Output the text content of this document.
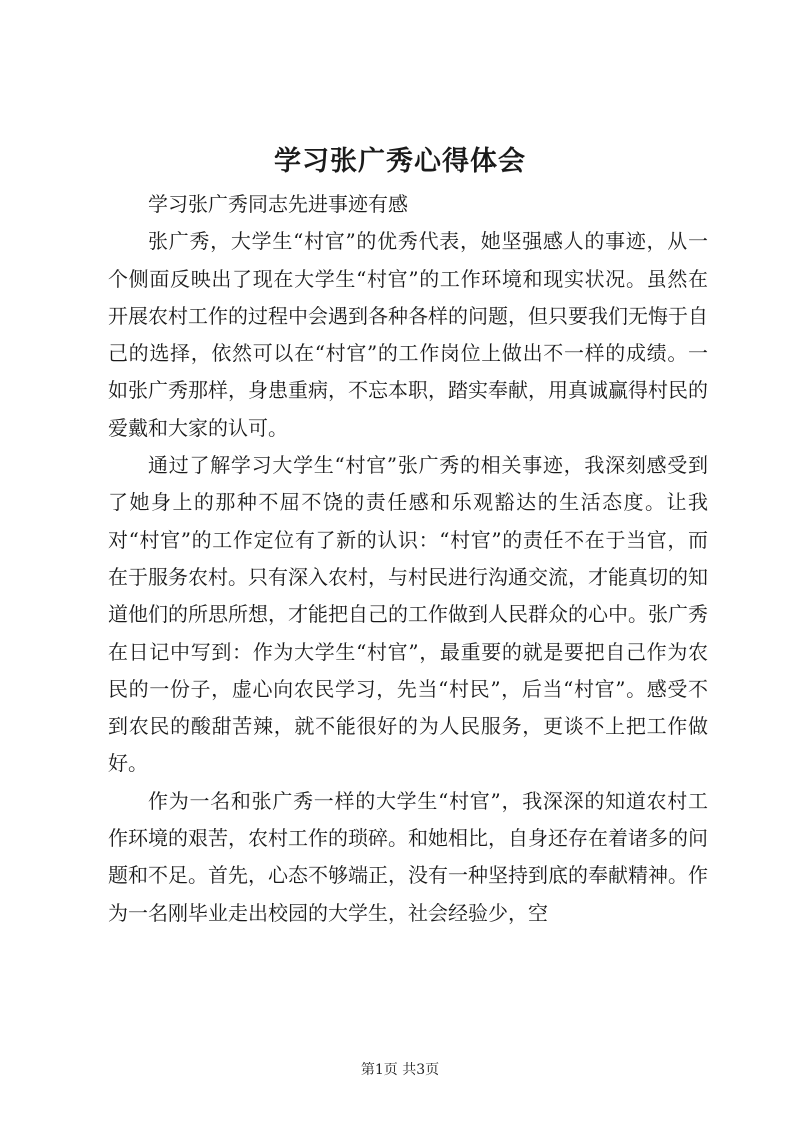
学习张广秀心得体会

学习张广秀同志先进事迹有感

张广秀，大学生“村官”的优秀代表，她坚强感人的事迹，从一个侧面反映出了现在大学生“村官”的工作环境和现实状况。虽然在开展农村工作的过程中会遇到各种各样的问题，但只要我们无悔于自己的选择，依然可以在“村官”的工作岗位上做出不一样的成绩。一如张广秀那样，身患重病，不忘本职，踏实奉献，用真诚赢得村民的爱戴和大家的认可。

通过了解学习大学生“村官”张广秀的相关事迹，我深刻感受到了她身上的那种不屈不饶的责任感和乐观豁达的生活态度。让我对“村官”的工作定位有了新的认识：“村官”的责任不在于当官，而在于服务农村。只有深入农村，与村民进行沟通交流，才能真切的知道他们的所思所想，才能把自己的工作做到人民群众的心中。张广秀在日记中写到：作为大学生“村官”，最重要的就是要把自己作为农民的一份子，虚心向农民学习，先当“村民”，后当“村官”。感受不到农民的酸甜苦辣，就不能很好的为人民服务，更谈不上把工作做好。

作为一名和张广秀一样的大学生“村官”，我深深的知道农村工作环境的艰苦，农村工作的琐碎。和她相比，自身还存在着诸多的问题和不足。首先，心态不够端正，没有一种坚持到底的奉献精神。作为一名刚毕业走出校园的大学生，社会经验少，空

第1页 共3页
